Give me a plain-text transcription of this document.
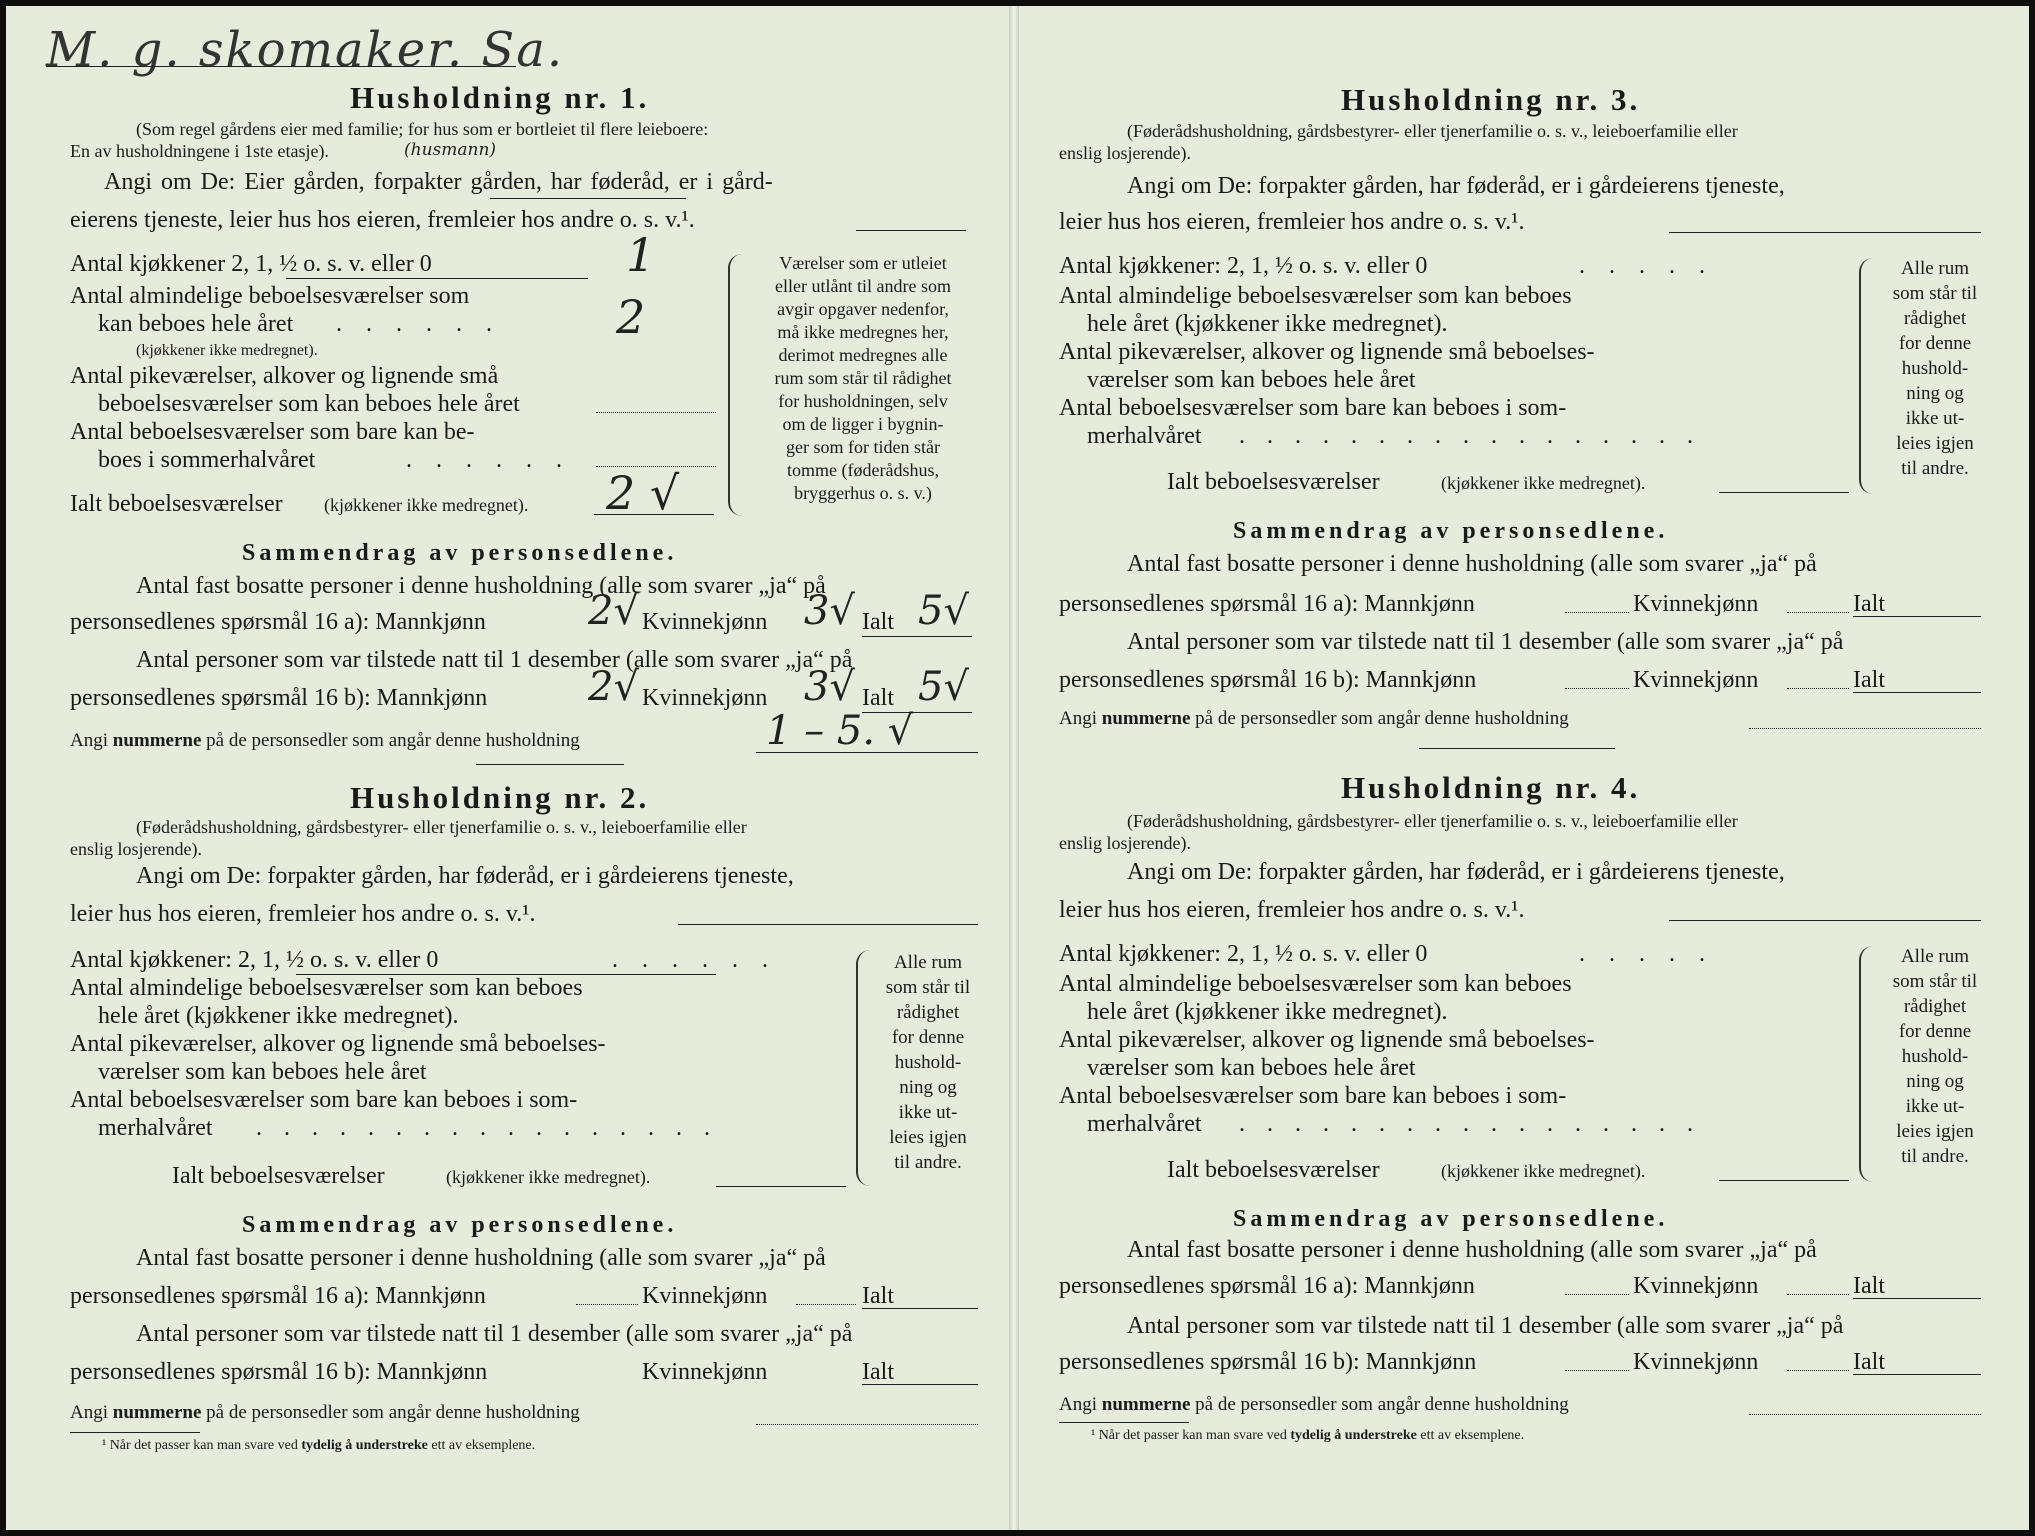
M. g. skomaker. Sa.
Husholdning nr. 1.
(Som regel gårdens eier med familie; for hus som er bortleiet til flere leieboere:
En av husholdningene i 1ste etasje).	(husmann)
Angi om De: Eier gården, forpakter gården, har føderåd, er i gård-
eierens tjeneste, leier hus hos eieren, fremleier hos andre o. s. v.¹.
Antal kjøkkener 2, 1, ½ o. s. v. eller 0	1
Antal almindelige beboelsesværelser som
kan beboes hele året . . . . . .	2
(kjøkkener ikke medregnet).
Antal pikeværelser, alkover og lignende små
beboelsesværelser som kan beboes hele året
Antal beboelsesværelser som bare kan be-
boes i sommerhalvåret	. . . . . .
Ialt beboelsesværelser (kjøkkener ikke medregnet). 2 √
Værelser som er utleiet
eller utlånt til andre som
avgir opgaver nedenfor,
må ikke medregnes her,
derimot medregnes alle
rum som står til rådighet
for husholdningen, selv
om de ligger i bygnin-
ger som for tiden står
tomme (føderådshus,
bryggerhus o. s. v.)
Sammendrag av personsedlene.
Antal fast bosatte personer i denne husholdning (alle som svarer „ja“ på
personsedlenes spørsmål 16 a): Mannkjønn	2√ Kvinnekjønn 3√ Ialt 5√
Antal personer som var tilstede natt til 1 desember (alle som svarer „ja“ på
personsedlenes spørsmål 16 b): Mannkjønn	2√ Kvinnekjønn 3√ Ialt 5√
Angi nummerne på de personsedler som angår denne husholdning	1 – 5. √
Husholdning nr. 2.
(Føderådshusholdning, gårdsbestyrer- eller tjenerfamilie o. s. v., leieboerfamilie eller
enslig losjerende).
Angi om De: forpakter gården, har føderåd, er i gårdeierens tjeneste,
leier hus hos eieren, fremleier hos andre o. s. v.¹.
Antal kjøkkener: 2, 1, ½ o. s. v. eller 0	. . . . . .
Antal almindelige beboelsesværelser som kan beboes
hele året (kjøkkener ikke medregnet).
Antal pikeværelser, alkover og lignende små beboelses-
værelser som kan beboes hele året
Antal beboelsesværelser som bare kan beboes i som-
merhalvåret . . . . . . . . . . . . . . . . .
Ialt beboelsesværelser	(kjøkkener ikke medregnet).
Alle rum
som står til
rådighet
for denne
hushold-
ning og
ikke ut-
leies igjen
til andre.
Sammendrag av personsedlene.
Antal fast bosatte personer i denne husholdning (alle som svarer „ja“ på
personsedlenes spørsmål 16 a): Mannkjønn	Kvinnekjønn	Ialt
Antal personer som var tilstede natt til 1 desember (alle som svarer „ja“ på
personsedlenes spørsmål 16 b): Mannkjønn	Kvinnekjønn	Ialt
Angi nummerne på de personsedler som angår denne husholdning
¹ Når det passer kan man svare ved tydelig å understreke ett av eksemplene.
Husholdning nr. 3.
(Føderådshusholdning, gårdsbestyrer- eller tjenerfamilie o. s. v., leieboerfamilie eller
enslig losjerende).
Angi om De: forpakter gården, har føderåd, er i gårdeierens tjeneste,
leier hus hos eieren, fremleier hos andre o. s. v.¹.
Antal kjøkkener: 2, 1, ½ o. s. v. eller 0	. . . . .
Antal almindelige beboelsesværelser som kan beboes
hele året (kjøkkener ikke medregnet).
Antal pikeværelser, alkover og lignende små beboelses-
værelser som kan beboes hele året
Antal beboelsesværelser som bare kan beboes i som-
merhalvåret . . . . . . . . . . . . . . . . .
Ialt beboelsesværelser	(kjøkkener ikke medregnet).
Alle rum
som står til
rådighet
for denne
hushold-
ning og
ikke ut-
leies igjen
til andre.
Sammendrag av personsedlene.
Antal fast bosatte personer i denne husholdning (alle som svarer „ja“ på
personsedlenes spørsmål 16 a): Mannkjønn	Kvinnekjønn	Ialt
Antal personer som var tilstede natt til 1 desember (alle som svarer „ja“ på
personsedlenes spørsmål 16 b): Mannkjønn	Kvinnekjønn	Ialt
Angi nummerne på de personsedler som angår denne husholdning
Husholdning nr. 4.
(Føderådshusholdning, gårdsbestyrer- eller tjenerfamilie o. s. v., leieboerfamilie eller
enslig losjerende).
Angi om De: forpakter gården, har føderåd, er i gårdeierens tjeneste,
leier hus hos eieren, fremleier hos andre o. s. v.¹.
Antal kjøkkener: 2, 1, ½ o. s. v. eller 0	. . . . .
Antal almindelige beboelsesværelser som kan beboes
hele året (kjøkkener ikke medregnet).
Antal pikeværelser, alkover og lignende små beboelses-
værelser som kan beboes hele året
Antal beboelsesværelser som bare kan beboes i som-
merhalvåret . . . . . . . . . . . . . . . . .
Ialt beboelsesværelser	(kjøkkener ikke medregnet).
Alle rum
som står til
rådighet
for denne
hushold-
ning og
ikke ut-
leies igjen
til andre.
Sammendrag av personsedlene.
Antal fast bosatte personer i denne husholdning (alle som svarer „ja“ på
personsedlenes spørsmål 16 a): Mannkjønn	Kvinnekjønn	Ialt
Antal personer som var tilstede natt til 1 desember (alle som svarer „ja“ på
personsedlenes spørsmål 16 b): Mannkjønn	Kvinnekjønn	Ialt
Angi nummerne på de personsedler som angår denne husholdning
¹ Når det passer kan man svare ved tydelig å understreke ett av eksemplene.
